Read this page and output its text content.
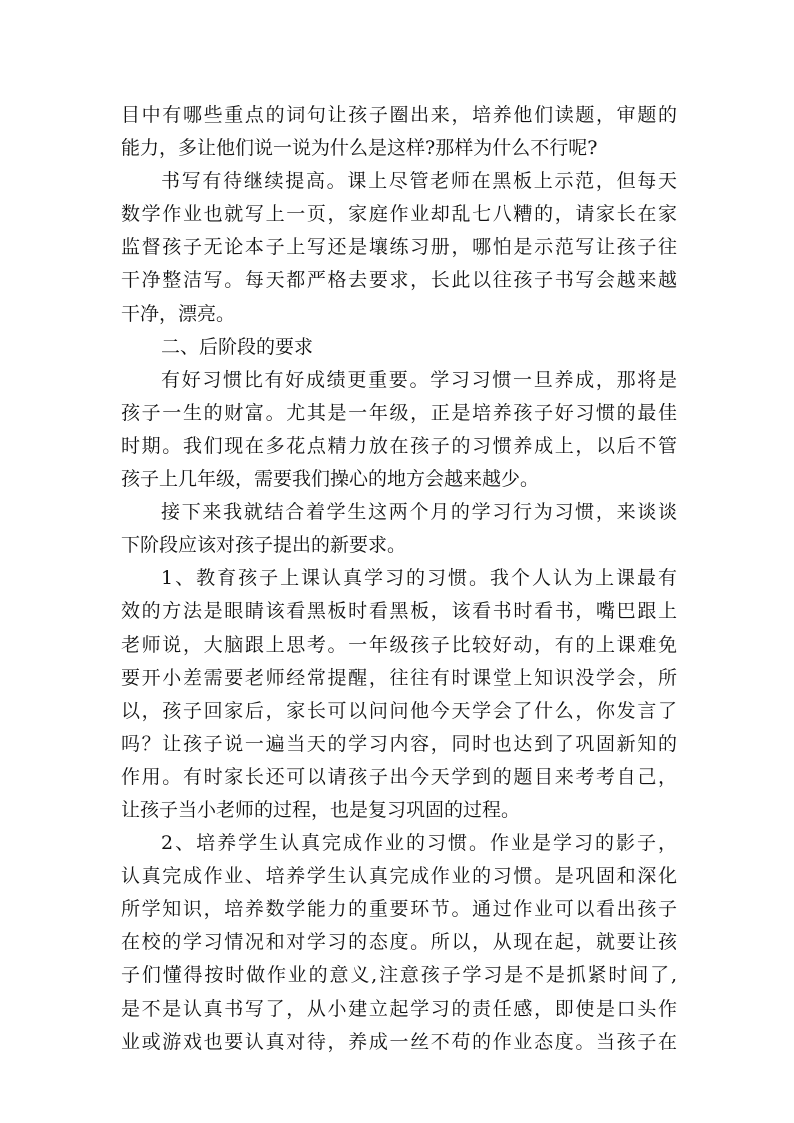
目中有哪些重点的词句让孩子圈出来，培养他们读题，审题的
能力，多让他们说一说为什么是这样?那样为什么不行呢?
书写有待继续提高。课上尽管老师在黑板上示范，但每天
数学作业也就写上一页，家庭作业却乱七八糟的，请家长在家
监督孩子无论本子上写还是壤练习册，哪怕是示范写让孩子往
干净整洁写。每天都严格去要求，长此以往孩子书写会越来越
干净，漂亮。
二、后阶段的要求
有好习惯比有好成绩更重要。学习习惯一旦养成，那将是
孩子一生的财富。尤其是一年级，正是培养孩子好习惯的最佳
时期。我们现在多花点精力放在孩子的习惯养成上，以后不管
孩子上几年级，需要我们操心的地方会越来越少。
接下来我就结合着学生这两个月的学习行为习惯，来谈谈
下阶段应该对孩子提出的新要求。
1、教育孩子上课认真学习的习惯。我个人认为上课最有
效的方法是眼睛该看黑板时看黑板，该看书时看书，嘴巴跟上
老师说，大脑跟上思考。一年级孩子比较好动，有的上课难免
要开小差需要老师经常提醒，往往有时课堂上知识没学会，所
以，孩子回家后，家长可以问问他今天学会了什么，你发言了
吗？让孩子说一遍当天的学习内容，同时也达到了巩固新知的
作用。有时家长还可以请孩子出今天学到的题目来考考自己，
让孩子当小老师的过程，也是复习巩固的过程。
2、培养学生认真完成作业的习惯。作业是学习的影子，
认真完成作业、培养学生认真完成作业的习惯。是巩固和深化
所学知识，培养数学能力的重要环节。通过作业可以看出孩子
在校的学习情况和对学习的态度。所以，从现在起，就要让孩
子们懂得按时做作业的意义,注意孩子学习是不是抓紧时间了,
是不是认真书写了，从小建立起学习的责任感，即使是口头作
业或游戏也要认真对待，养成一丝不苟的作业态度。当孩子在
